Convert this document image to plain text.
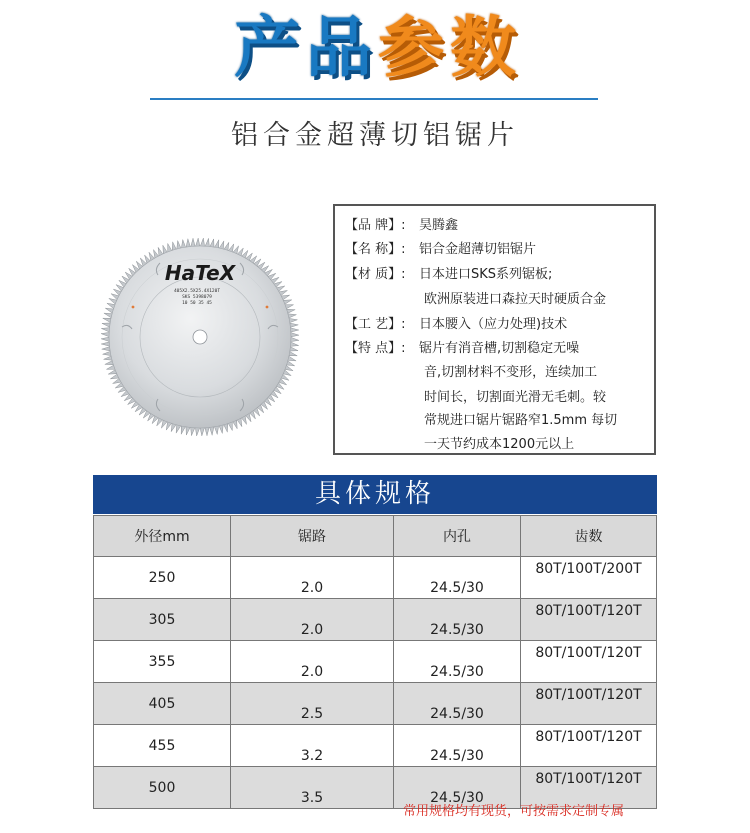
产 品 参 数
铝合金超薄切铝锯片
HaTeX
405X2.5X25.4X120T
SKS 5398079
10 50 35 45
【品 牌】: 昊腾鑫
【名 称】: 铝合金超薄切铝锯片
【材 质】: 日本进口SKS系列锯板;
欧洲原装进口森拉天时硬质合金
【工 艺】: 日本腰入（应力处理)技术
【特 点】: 锯片有消音槽,切割稳定无噪
音,切割材料不变形，连续加工
时间长，切割面光滑无毛刺。较
常规进口锯片锯路窄1.5mm 每切
一天节约成本1200元以上
具体规格
外径mm	锯路	内孔	齿数
250	2.0	24.5/30	80T/100T/200T
305	2.0	24.5/30	80T/100T/120T
355	2.0	24.5/30	80T/100T/120T
405	2.5	24.5/30	80T/100T/120T
455	3.2	24.5/30	80T/100T/120T
500	3.5	24.5/30	80T/100T/120T
常用规格均有现货，可按需求定制专属
